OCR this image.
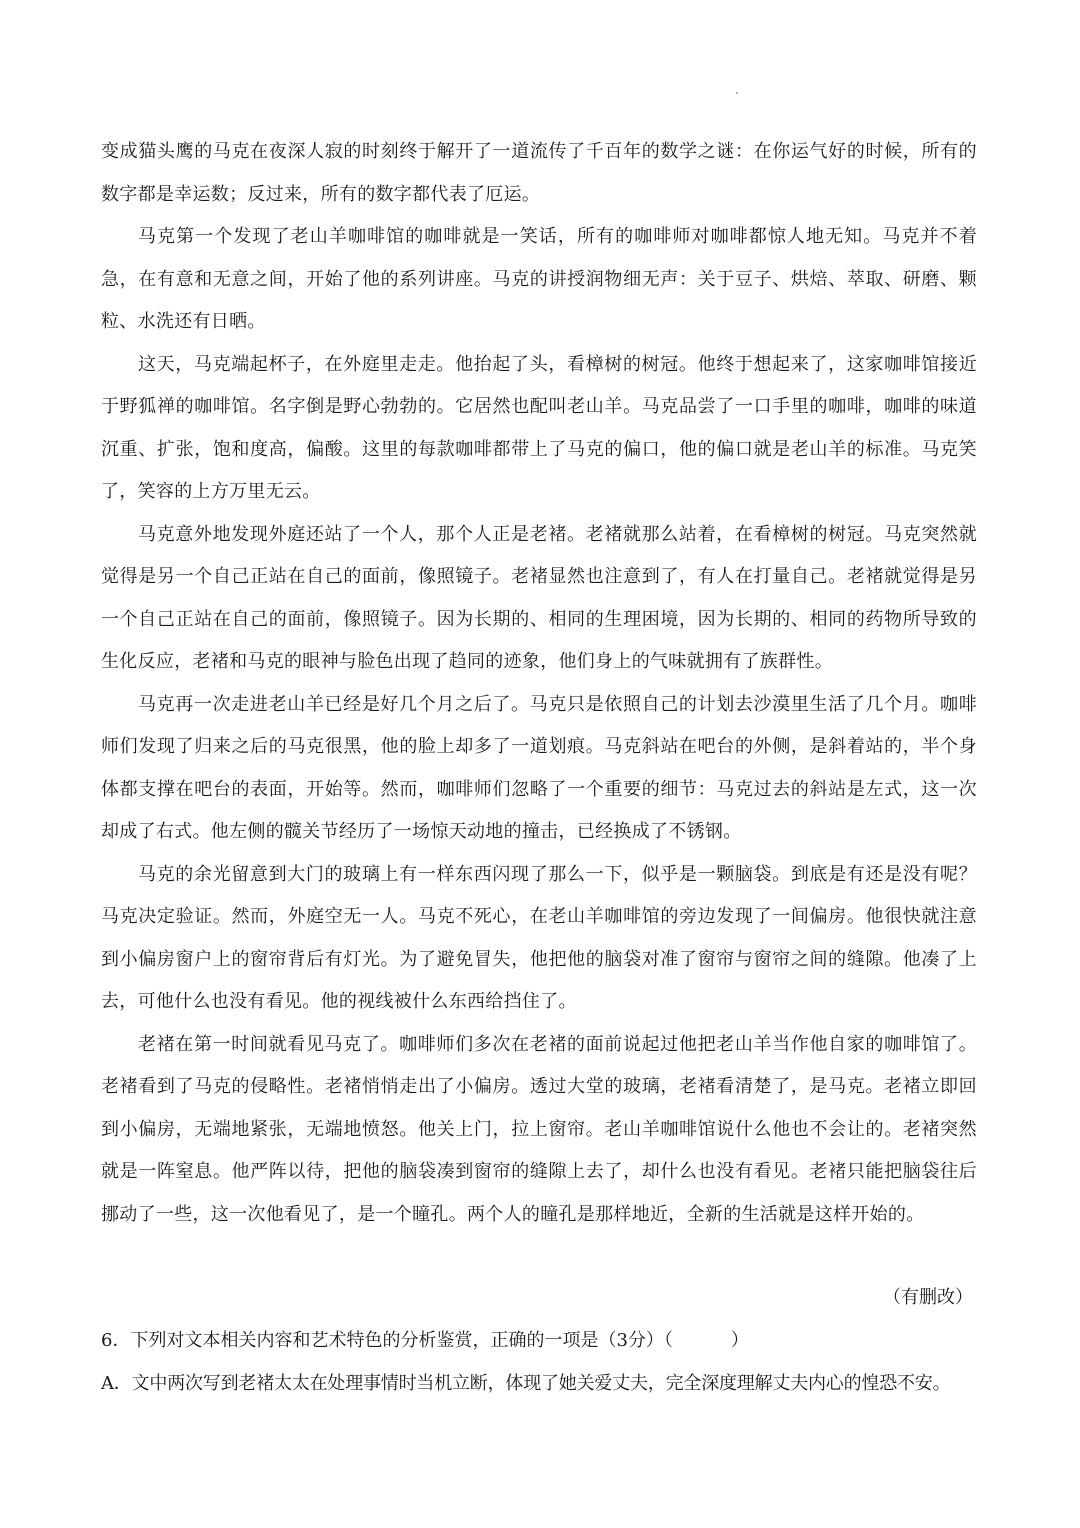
变成猫头鹰的马克在夜深人寂的时刻终于解开了一道流传了千百年的数学之谜：在你运气好的时候，所有的数字都是幸运数；反过来，所有的数字都代表了厄运。

马克第一个发现了老山羊咖啡馆的咖啡就是一笑话，所有的咖啡师对咖啡都惊人地无知。马克并不着急，在有意和无意之间，开始了他的系列讲座。马克的讲授润物细无声：关于豆子、烘焙、萃取、研磨、颗粒、水洗还有日晒。

这天，马克端起杯子，在外庭里走走。他抬起了头，看樟树的树冠。他终于想起来了，这家咖啡馆接近于野狐禅的咖啡馆。名字倒是野心勃勃的。它居然也配叫老山羊。马克品尝了一口手里的咖啡，咖啡的味道沉重、扩张，饱和度高，偏酸。这里的每款咖啡都带上了马克的偏口，他的偏口就是老山羊的标准。马克笑了，笑容的上方万里无云。

马克意外地发现外庭还站了一个人，那个人正是老褚。老褚就那么站着，在看樟树的树冠。马克突然就觉得是另一个自己正站在自己的面前，像照镜子。老褚显然也注意到了，有人在打量自己。老褚就觉得是另一个自己正站在自己的面前，像照镜子。因为长期的、相同的生理困境，因为长期的、相同的药物所导致的生化反应，老褚和马克的眼神与脸色出现了趋同的迹象，他们身上的气味就拥有了族群性。

马克再一次走进老山羊已经是好几个月之后了。马克只是依照自己的计划去沙漠里生活了几个月。咖啡师们发现了归来之后的马克很黑，他的脸上却多了一道划痕。马克斜站在吧台的外侧，是斜着站的，半个身体都支撑在吧台的表面，开始等。然而，咖啡师们忽略了一个重要的细节：马克过去的斜站是左式，这一次却成了右式。他左侧的髋关节经历了一场惊天动地的撞击，已经换成了不锈钢。

马克的余光留意到大门的玻璃上有一样东西闪现了那么一下，似乎是一颗脑袋。到底是有还是没有呢？马克决定验证。然而，外庭空无一人。马克不死心，在老山羊咖啡馆的旁边发现了一间偏房。他很快就注意到小偏房窗户上的窗帘背后有灯光。为了避免冒失，他把他的脑袋对准了窗帘与窗帘之间的缝隙。他凑了上去，可他什么也没有看见。他的视线被什么东西给挡住了。

老褚在第一时间就看见马克了。咖啡师们多次在老褚的面前说起过他把老山羊当作他自家的咖啡馆了。老褚看到了马克的侵略性。老褚悄悄走出了小偏房。透过大堂的玻璃，老褚看清楚了，是马克。老褚立即回到小偏房，无端地紧张，无端地愤怒。他关上门，拉上窗帘。老山羊咖啡馆说什么他也不会让的。老褚突然就是一阵窒息。他严阵以待，把他的脑袋凑到窗帘的缝隙上去了，却什么也没有看见。老褚只能把脑袋往后挪动了一些，这一次他看见了，是一个瞳孔。两个人的瞳孔是那样地近，全新的生活就是这样开始的。

（有删改）
6．下列对文本相关内容和艺术特色的分析鉴赏，正确的一项是（3分）（	）
A．文中两次写到老褚太太在处理事情时当机立断，体现了她关爱丈夫，完全深度理解丈夫内心的惶恐不安。
